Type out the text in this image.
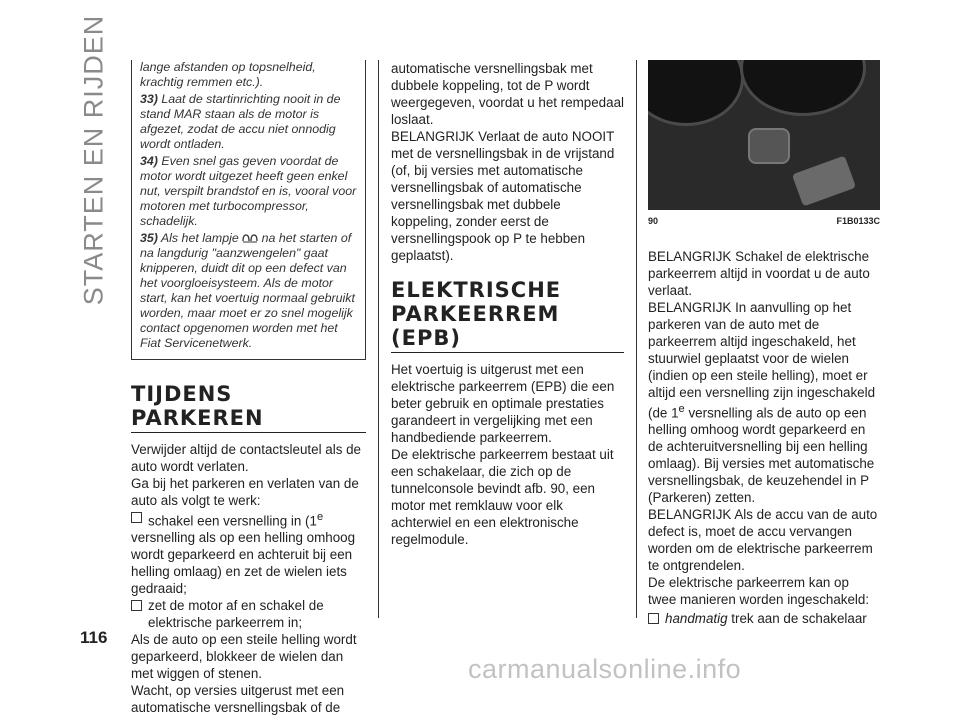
STARTEN EN RIJDEN	lange afstanden op topsnelheid, krachtig remmen etc.).

33) Laat de startinrichting nooit in de stand MAR staan als de motor is afgezet, zodat de accu niet onnodig wordt ontladen.

34) Even snel gas geven voordat de motor wordt uitgezet heeft geen enkel nut, verspilt brandstof en is, vooral voor motoren met turbocompressor, schadelijk.

35) Als het lampje na het starten of na langdurig "aanzwengelen" gaat knipperen, duidt dit op een defect van het voorgloeisysteem. Als de motor start, kan het voertuig normaal gebruikt worden, maar moet er zo snel mogelijk contact opgenomen worden met het Fiat Servicenetwerk.

TIJDENS PARKEREN

Verwijder altijd de contactsleutel als de auto wordt verlaten.

Ga bij het parkeren en verlaten van de auto als volgt te werk:

schakel een versnelling in (1e

versnelling als op een helling omhoog wordt geparkeerd en achteruit bij een helling omlaag) en zet de wielen iets gedraaid;

zet de motor af en schakel de elektrische parkeerrem in;

Als de auto op een steile helling wordt geparkeerd, blokkeer de wielen dan met wiggen of stenen.

Wacht, op versies uitgerust met een automatische versnellingsbak of de

automatische versnellingsbak met dubbele koppeling, tot de P wordt weergegeven, voordat u het rempedaal loslaat.

BELANGRIJK Verlaat de auto NOOIT met de versnellingsbak in de vrijstand (of, bij versies met automatische versnellingsbak of automatische versnellingsbak met dubbele koppeling, zonder eerst de versnellingspook op P te hebben geplaatst).

ELEKTRISCHE
PARKEERREM (EPB)

Het voertuig is uitgerust met een elektrische parkeerrem (EPB) die een beter gebruik en optimale prestaties garandeert in vergelijking met een handbediende parkeerrem.

De elektrische parkeerrem bestaat uit een schakelaar, die zich op de tunnelconsole bevindt afb. 90, een motor met remklauw voor elk achterwiel en een elektronische regelmodule.

90	F1B0133C

BELANGRIJK Schakel de elektrische parkeerrem altijd in voordat u de auto verlaat.

BELANGRIJK In aanvulling op het parkeren van de auto met de parkeerrem altijd ingeschakeld, het stuurwiel geplaatst voor de wielen (indien op een steile helling), moet er altijd een versnelling zijn ingeschakeld (de 1e versnelling als de auto op een helling omhoog wordt geparkeerd en de achteruitversnelling bij een helling omlaag). Bij versies met automatische versnellingsbak, de keuzehendel in P (Parkeren) zetten.

BELANGRIJK Als de accu van de auto defect is, moet de accu vervangen worden om de elektrische parkeerrem te ontgrendelen.

De elektrische parkeerrem kan op twee manieren worden ingeschakeld:

handmatig trek aan de schakelaar
116
carmanualsonline.info
